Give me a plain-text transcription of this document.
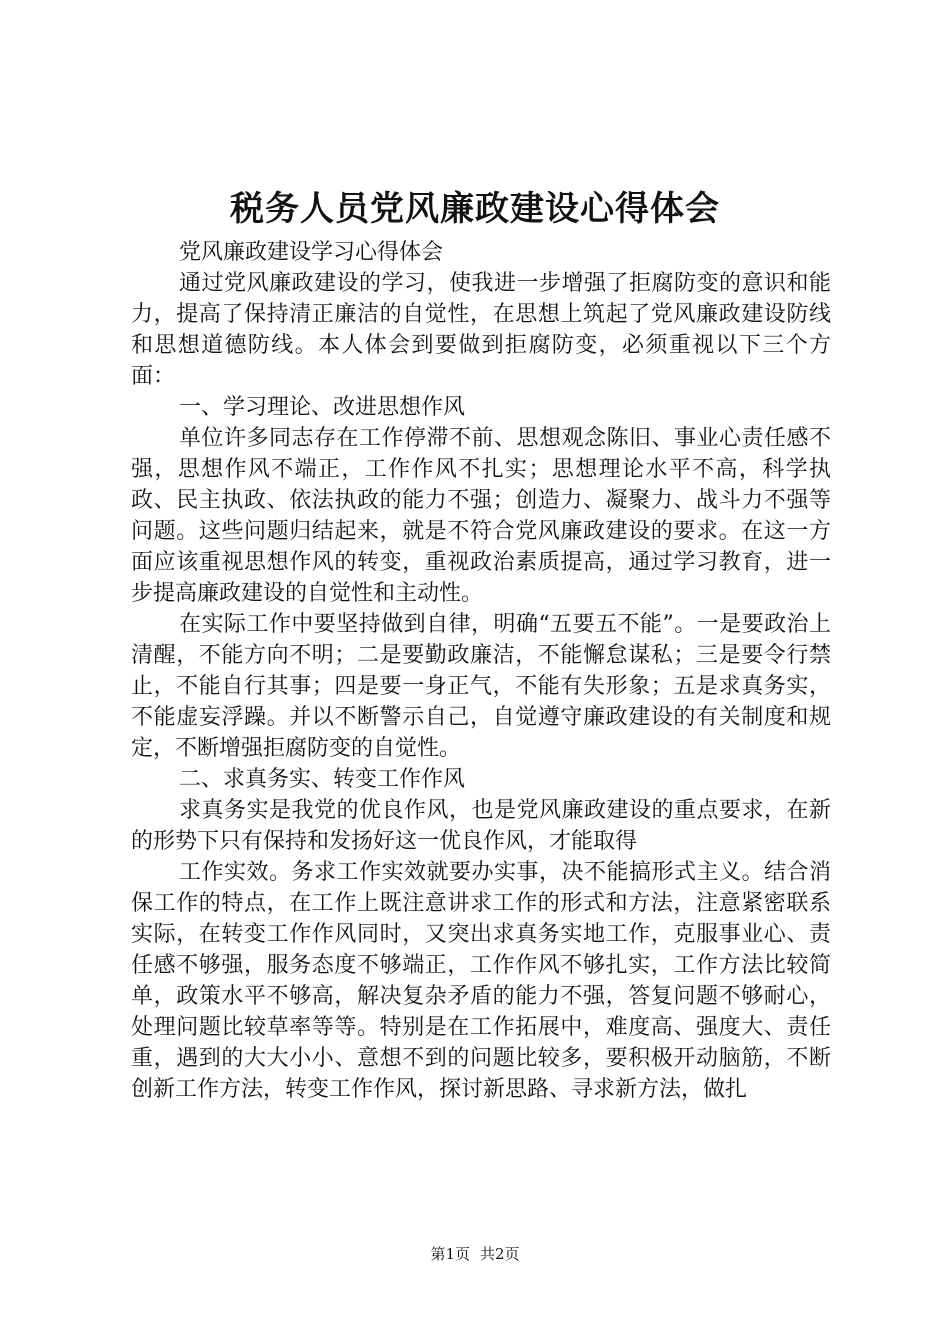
税务人员党风廉政建设心得体会

党风廉政建设学习心得体会

通过党风廉政建设的学习，使我进一步增强了拒腐防变的意识和能力，提高了保持清正廉洁的自觉性，在思想上筑起了党风廉政建设防线和思想道德防线。本人体会到要做到拒腐防变，必须重视以下三个方面：

一、学习理论、改进思想作风

单位许多同志存在工作停滞不前、思想观念陈旧、事业心责任感不强，思想作风不端正，工作作风不扎实；思想理论水平不高，科学执政、民主执政、依法执政的能力不强；创造力、凝聚力、战斗力不强等问题。这些问题归结起来，就是不符合党风廉政建设的要求。在这一方面应该重视思想作风的转变，重视政治素质提高，通过学习教育，进一步提高廉政建设的自觉性和主动性。

在实际工作中要坚持做到自律，明确“五要五不能”。一是要政治上清醒，不能方向不明；二是要勤政廉洁，不能懈怠谋私；三是要令行禁止，不能自行其事；四是要一身正气，不能有失形象；五是求真务实，不能虚妄浮躁。并以不断警示自己，自觉遵守廉政建设的有关制度和规定，不断增强拒腐防变的自觉性。

二、求真务实、转变工作作风

求真务实是我党的优良作风，也是党风廉政建设的重点要求，在新的形势下只有保持和发扬好这一优良作风，才能取得

工作实效。务求工作实效就要办实事，决不能搞形式主义。结合消保工作的特点，在工作上既注意讲求工作的形式和方法，注意紧密联系实际，在转变工作作风同时，又突出求真务实地工作，克服事业心、责任感不够强，服务态度不够端正，工作作风不够扎实，工作方法比较简单，政策水平不够高，解决复杂矛盾的能力不强，答复问题不够耐心，处理问题比较草率等等。特别是在工作拓展中，难度高、强度大、责任重，遇到的大大小小、意想不到的问题比较多，要积极开动脑筋，不断创新工作方法，转变工作作风，探讨新思路、寻求新方法，做扎

第1页 共2页
